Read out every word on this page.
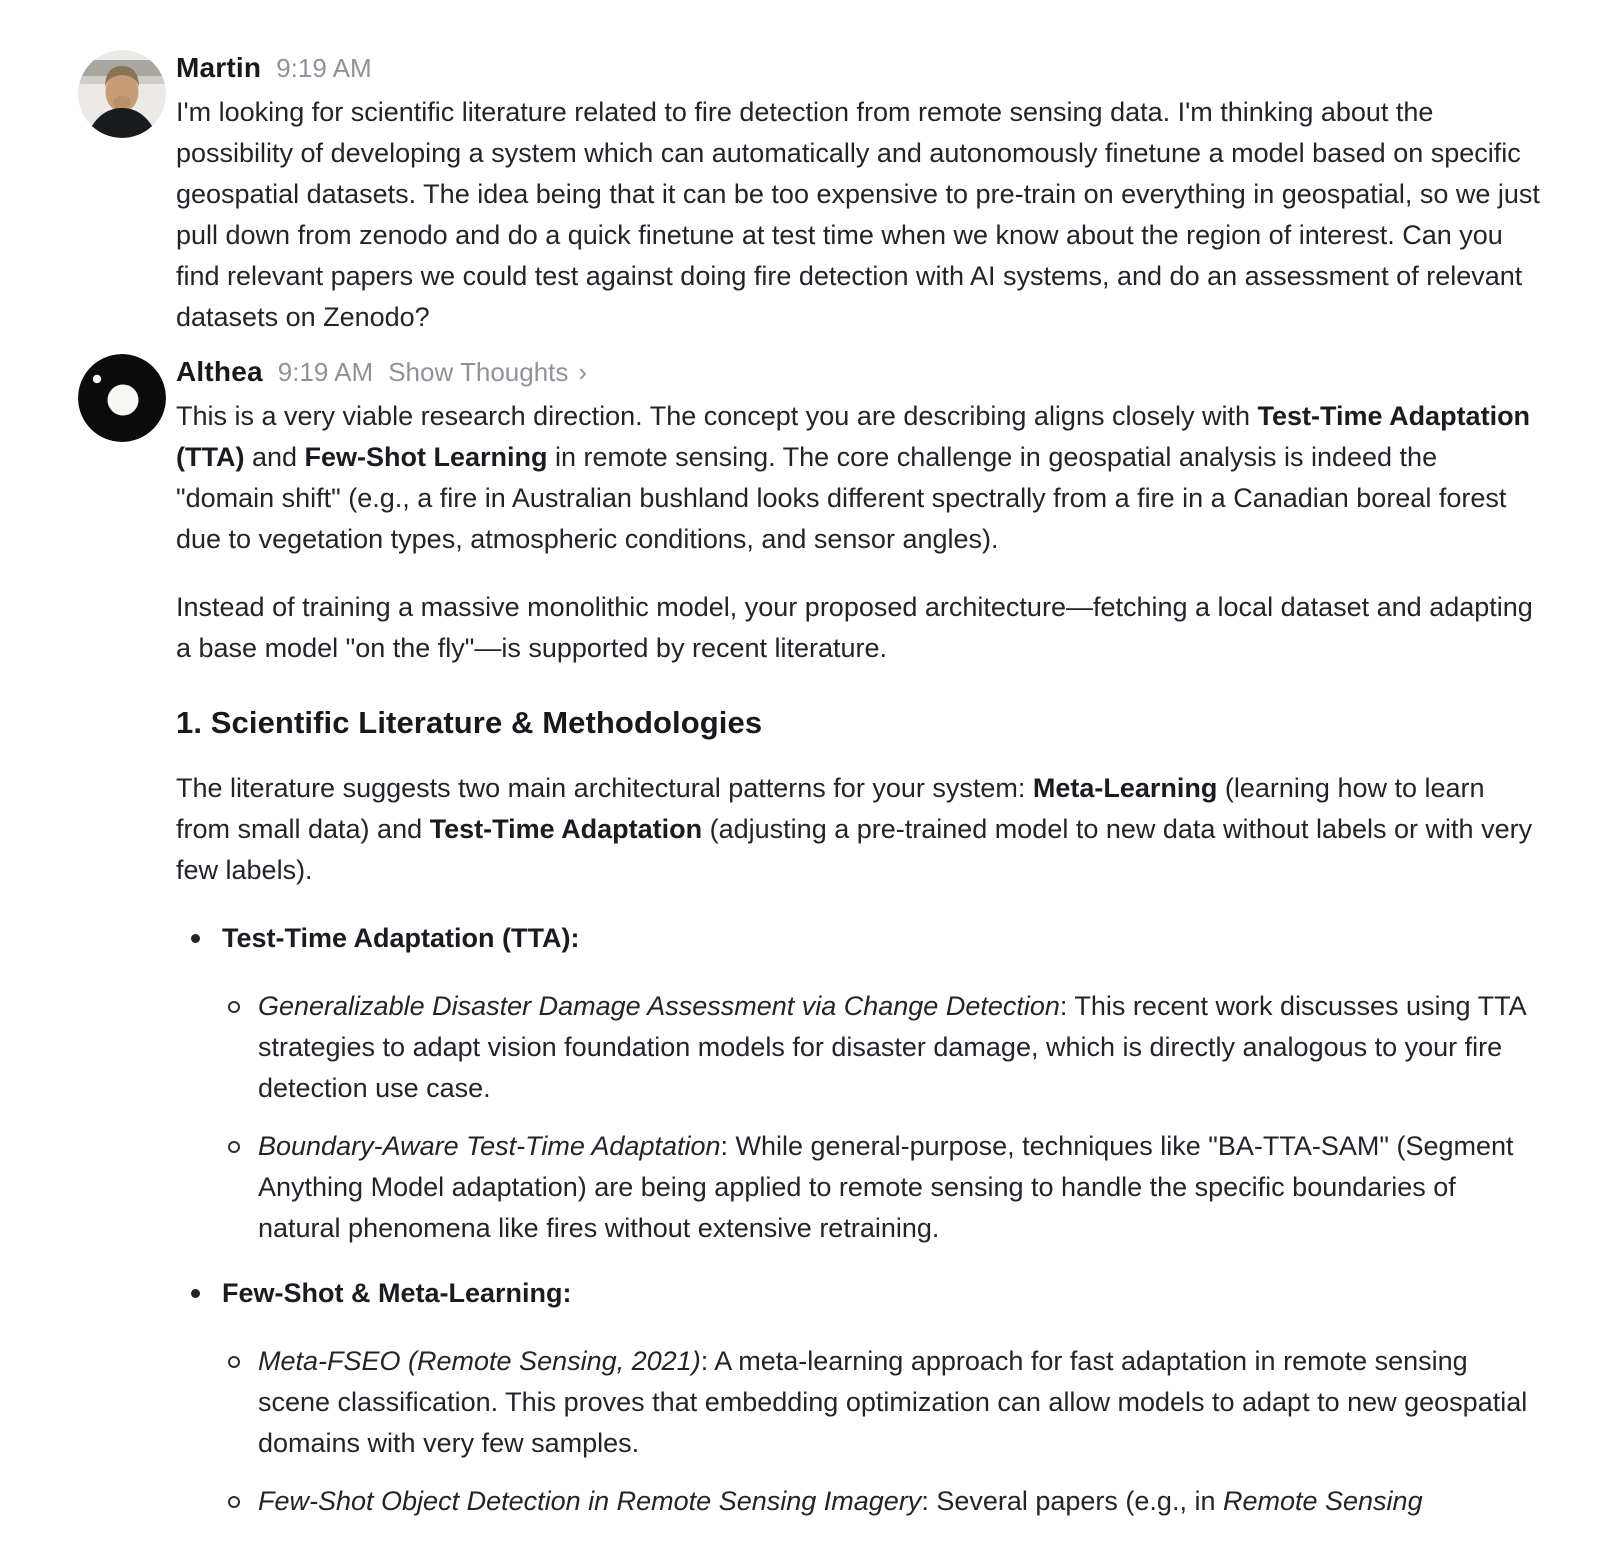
Martin 9:19 AM

I'm looking for scientific literature related to fire detection from remote sensing data. I'm thinking about the possibility of developing a system which can automatically and autonomously finetune a model based on specific geospatial datasets. The idea being that it can be too expensive to pre-train on everything in geospatial, so we just pull down from zenodo and do a quick finetune at test time when we know about the region of interest. Can you find relevant papers we could test against doing fire detection with AI systems, and do an assessment of relevant datasets on Zenodo?

Althea 9:19 AM Show Thoughts ›

This is a very viable research direction. The concept you are describing aligns closely with Test-Time Adaptation (TTA) and Few-Shot Learning in remote sensing. The core challenge in geospatial analysis is indeed the "domain shift" (e.g., a fire in Australian bushland looks different spectrally from a fire in a Canadian boreal forest due to vegetation types, atmospheric conditions, and sensor angles).

Instead of training a massive monolithic model, your proposed architecture—fetching a local dataset and adapting a base model "on the fly"—is supported by recent literature.

1. Scientific Literature & Methodologies

The literature suggests two main architectural patterns for your system: Meta-Learning (learning how to learn from small data) and Test-Time Adaptation (adjusting a pre-trained model to new data without labels or with very few labels).

Test-Time Adaptation (TTA):
Generalizable Disaster Damage Assessment via Change Detection: This recent work discusses using TTA strategies to adapt vision foundation models for disaster damage, which is directly analogous to your fire detection use case.
Boundary-Aware Test-Time Adaptation: While general-purpose, techniques like "BA-TTA-SAM" (Segment Anything Model adaptation) are being applied to remote sensing to handle the specific boundaries of natural phenomena like fires without extensive retraining.
Few-Shot & Meta-Learning:
Meta-FSEO (Remote Sensing, 2021): A meta-learning approach for fast adaptation in remote sensing scene classification. This proves that embedding optimization can allow models to adapt to new geospatial domains with very few samples.
Few-Shot Object Detection in Remote Sensing Imagery: Several papers (e.g., in Remote Sensing
